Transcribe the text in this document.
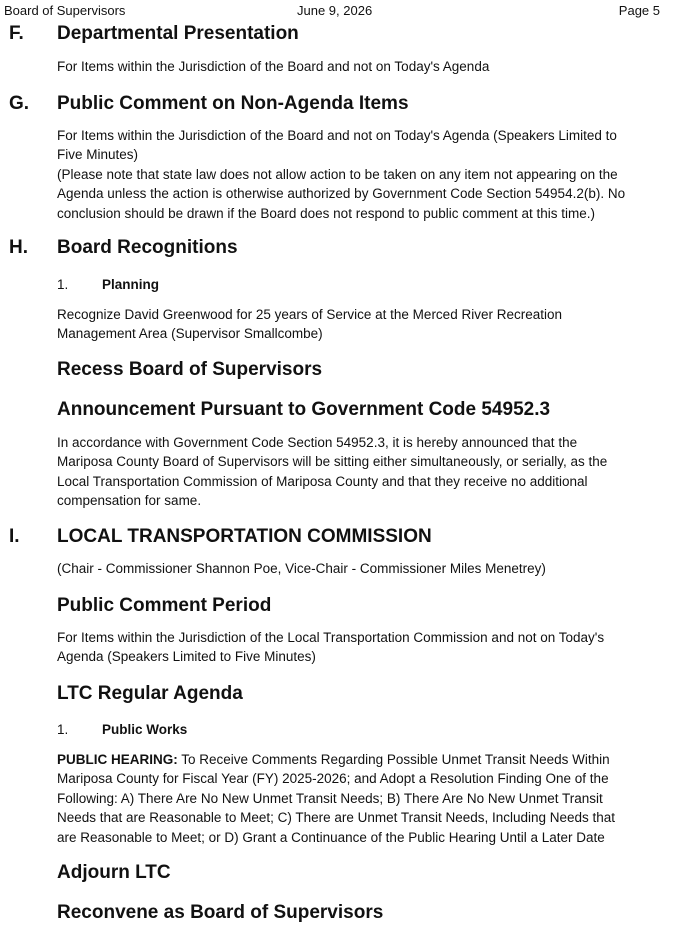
Board of Supervisors	June 9, 2026	Page 5
F. Departmental Presentation
For Items within the Jurisdiction of the Board and not on Today's Agenda
G. Public Comment on Non-Agenda Items
For Items within the Jurisdiction of the Board and not on Today's Agenda (Speakers Limited to
Five Minutes)
(Please note that state law does not allow action to be taken on any item not appearing on the
Agenda unless the action is otherwise authorized by Government Code Section 54954.2(b). No
conclusion should be drawn if the Board does not respond to public comment at this time.)
H. Board Recognitions
1. Planning
Recognize David Greenwood for 25 years of Service at the Merced River Recreation
Management Area (Supervisor Smallcombe)
Recess Board of Supervisors
Announcement Pursuant to Government Code 54952.3
In accordance with Government Code Section 54952.3, it is hereby announced that the
Mariposa County Board of Supervisors will be sitting either simultaneously, or serially, as the
Local Transportation Commission of Mariposa County and that they receive no additional
compensation for same.
I. LOCAL TRANSPORTATION COMMISSION
(Chair - Commissioner Shannon Poe, Vice-Chair - Commissioner Miles Menetrey)
Public Comment Period
For Items within the Jurisdiction of the Local Transportation Commission and not on Today's
Agenda (Speakers Limited to Five Minutes)
LTC Regular Agenda
1. Public Works
PUBLIC HEARING: To Receive Comments Regarding Possible Unmet Transit Needs Within
Mariposa County for Fiscal Year (FY) 2025-2026; and Adopt a Resolution Finding One of the
Following: A) There Are No New Unmet Transit Needs; B) There Are No New Unmet Transit
Needs that are Reasonable to Meet; C) There are Unmet Transit Needs, Including Needs that
are Reasonable to Meet; or D) Grant a Continuance of the Public Hearing Until a Later Date
Adjourn LTC
Reconvene as Board of Supervisors
